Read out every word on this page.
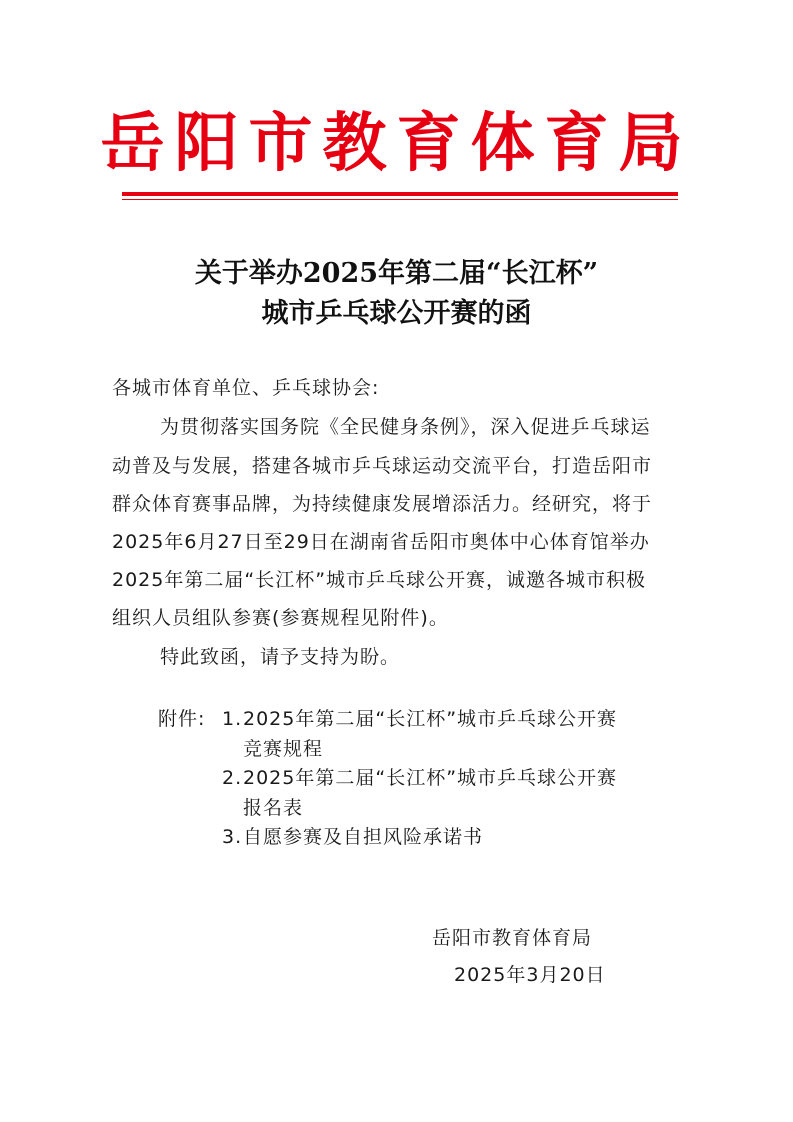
岳阳市教育体育局
关于举办2025年第二届“长江杯”
城市乒乓球公开赛的函
各城市体育单位、乒乓球协会:
为贯彻落实国务院《全民健身条例》，深入促进乒乓球运
动普及与发展，搭建各城市乒乓球运动交流平台，打造岳阳市
群众体育赛事品牌，为持续健康发展增添活力。经研究，将于
2025年6月27日至29日在湖南省岳阳市奥体中心体育馆举办
2025年第二届“长江杯”城市乒乓球公开赛，诚邀各城市积极
组织人员组队参赛(参赛规程见附件)。
特此致函，请予支持为盼。
附件: 1. 2025年第二届“长江杯”城市乒乓球公开赛
竞赛规程
2. 2025年第二届“长江杯”城市乒乓球公开赛
报名表
3. 自愿参赛及自担风险承诺书
岳阳市教育体育局
2025年3月20日
